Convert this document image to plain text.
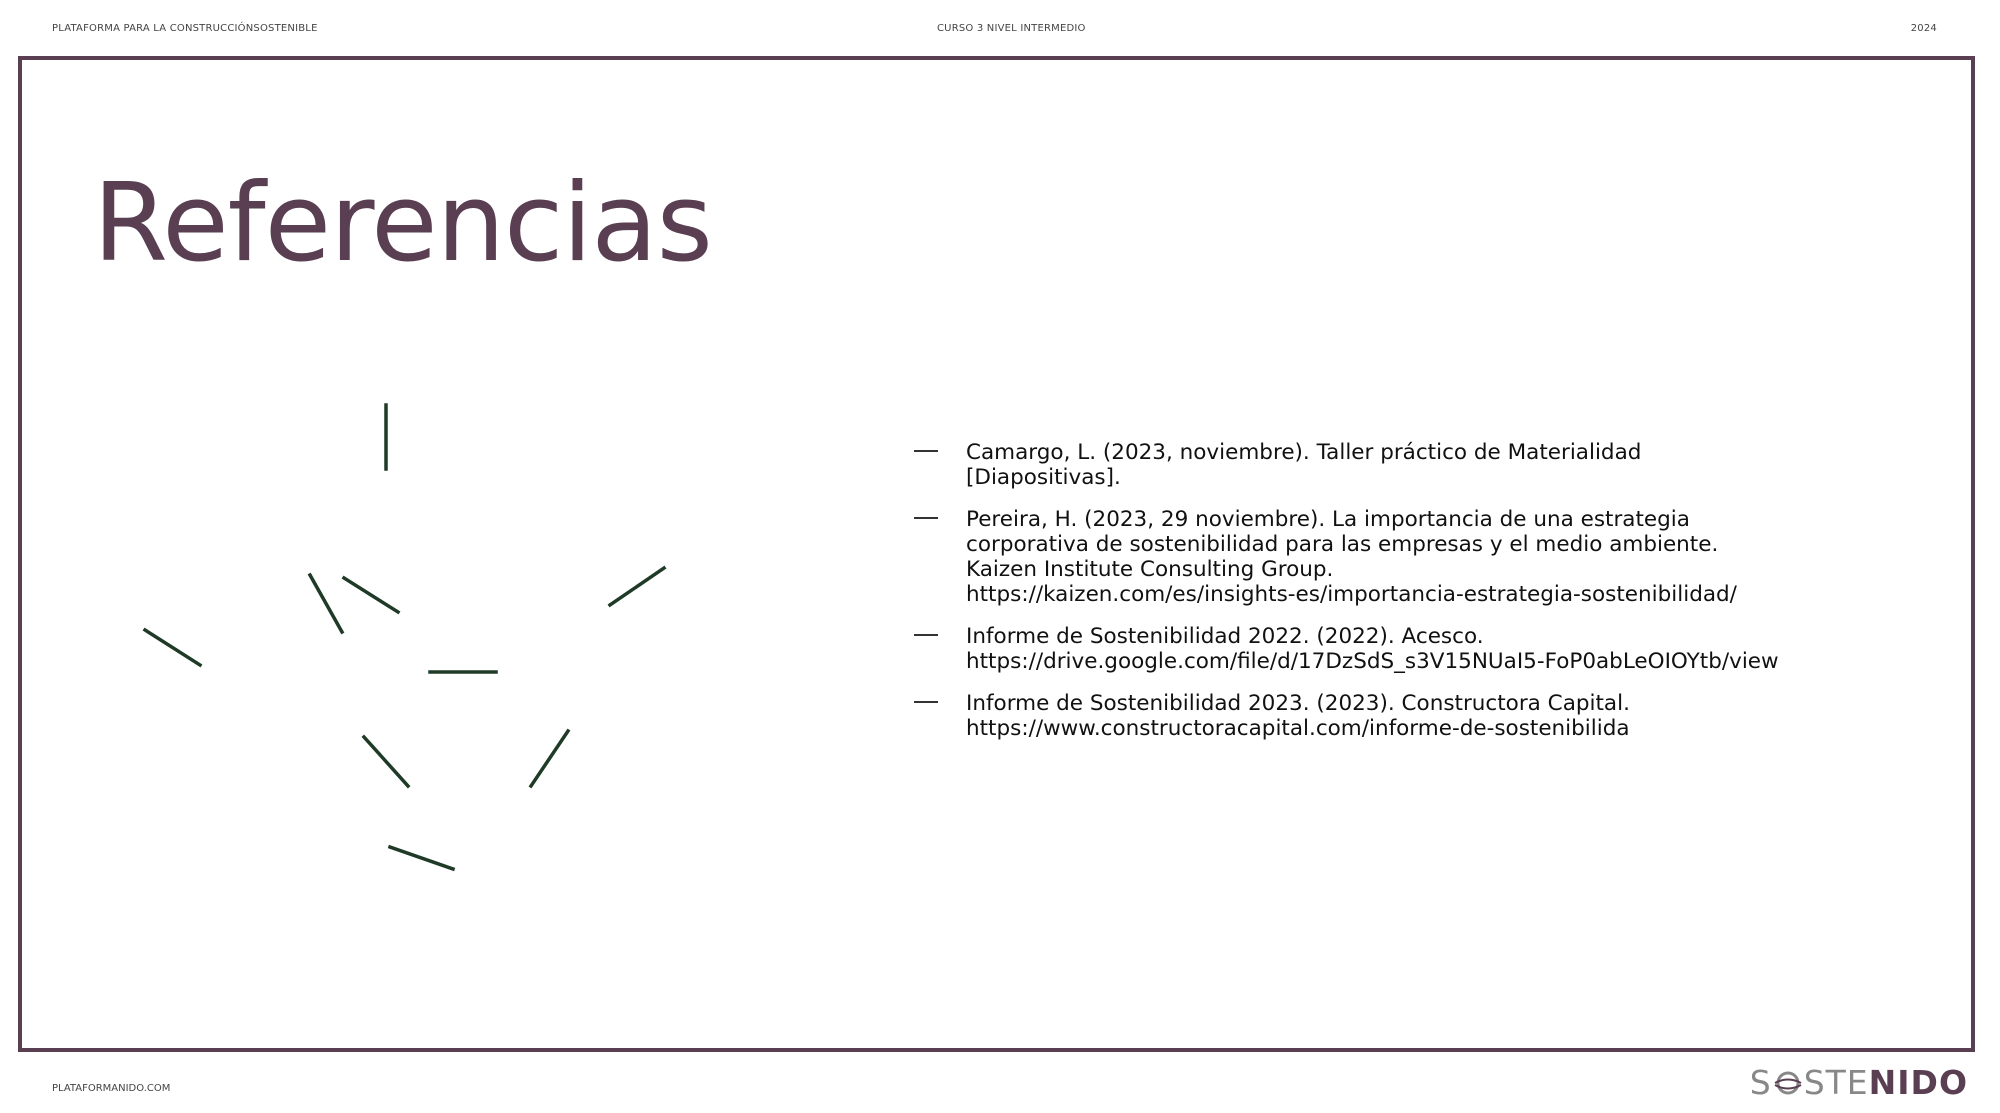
PLATAFORMA PARA LA CONSTRUCCIÓNSOSTENIBLE	CURSO 3 NIVEL INTERMEDIO	2024
Referencias
Camargo, L. (2023, noviembre). Taller práctico de Materialidad
[Diapositivas].
Pereira, H. (2023, 29 noviembre). La importancia de una estrategia
corporativa de sostenibilidad para las empresas y el medio ambiente.
Kaizen Institute Consulting Group.
https://kaizen.com/es/insights-es/importancia-estrategia-sostenibilidad/
Informe de Sostenibilidad 2022. (2022). Acesco.
https://drive.google.com/file/d/17DzSdS_s3V15NUaI5-FoP0abLeOIOYtb/view
Informe de Sostenibilidad 2023. (2023). Constructora Capital.
https://www.constructoracapital.com/informe-de-sostenibilida
PLATAFORMANIDO.COM	S STE NIDO
